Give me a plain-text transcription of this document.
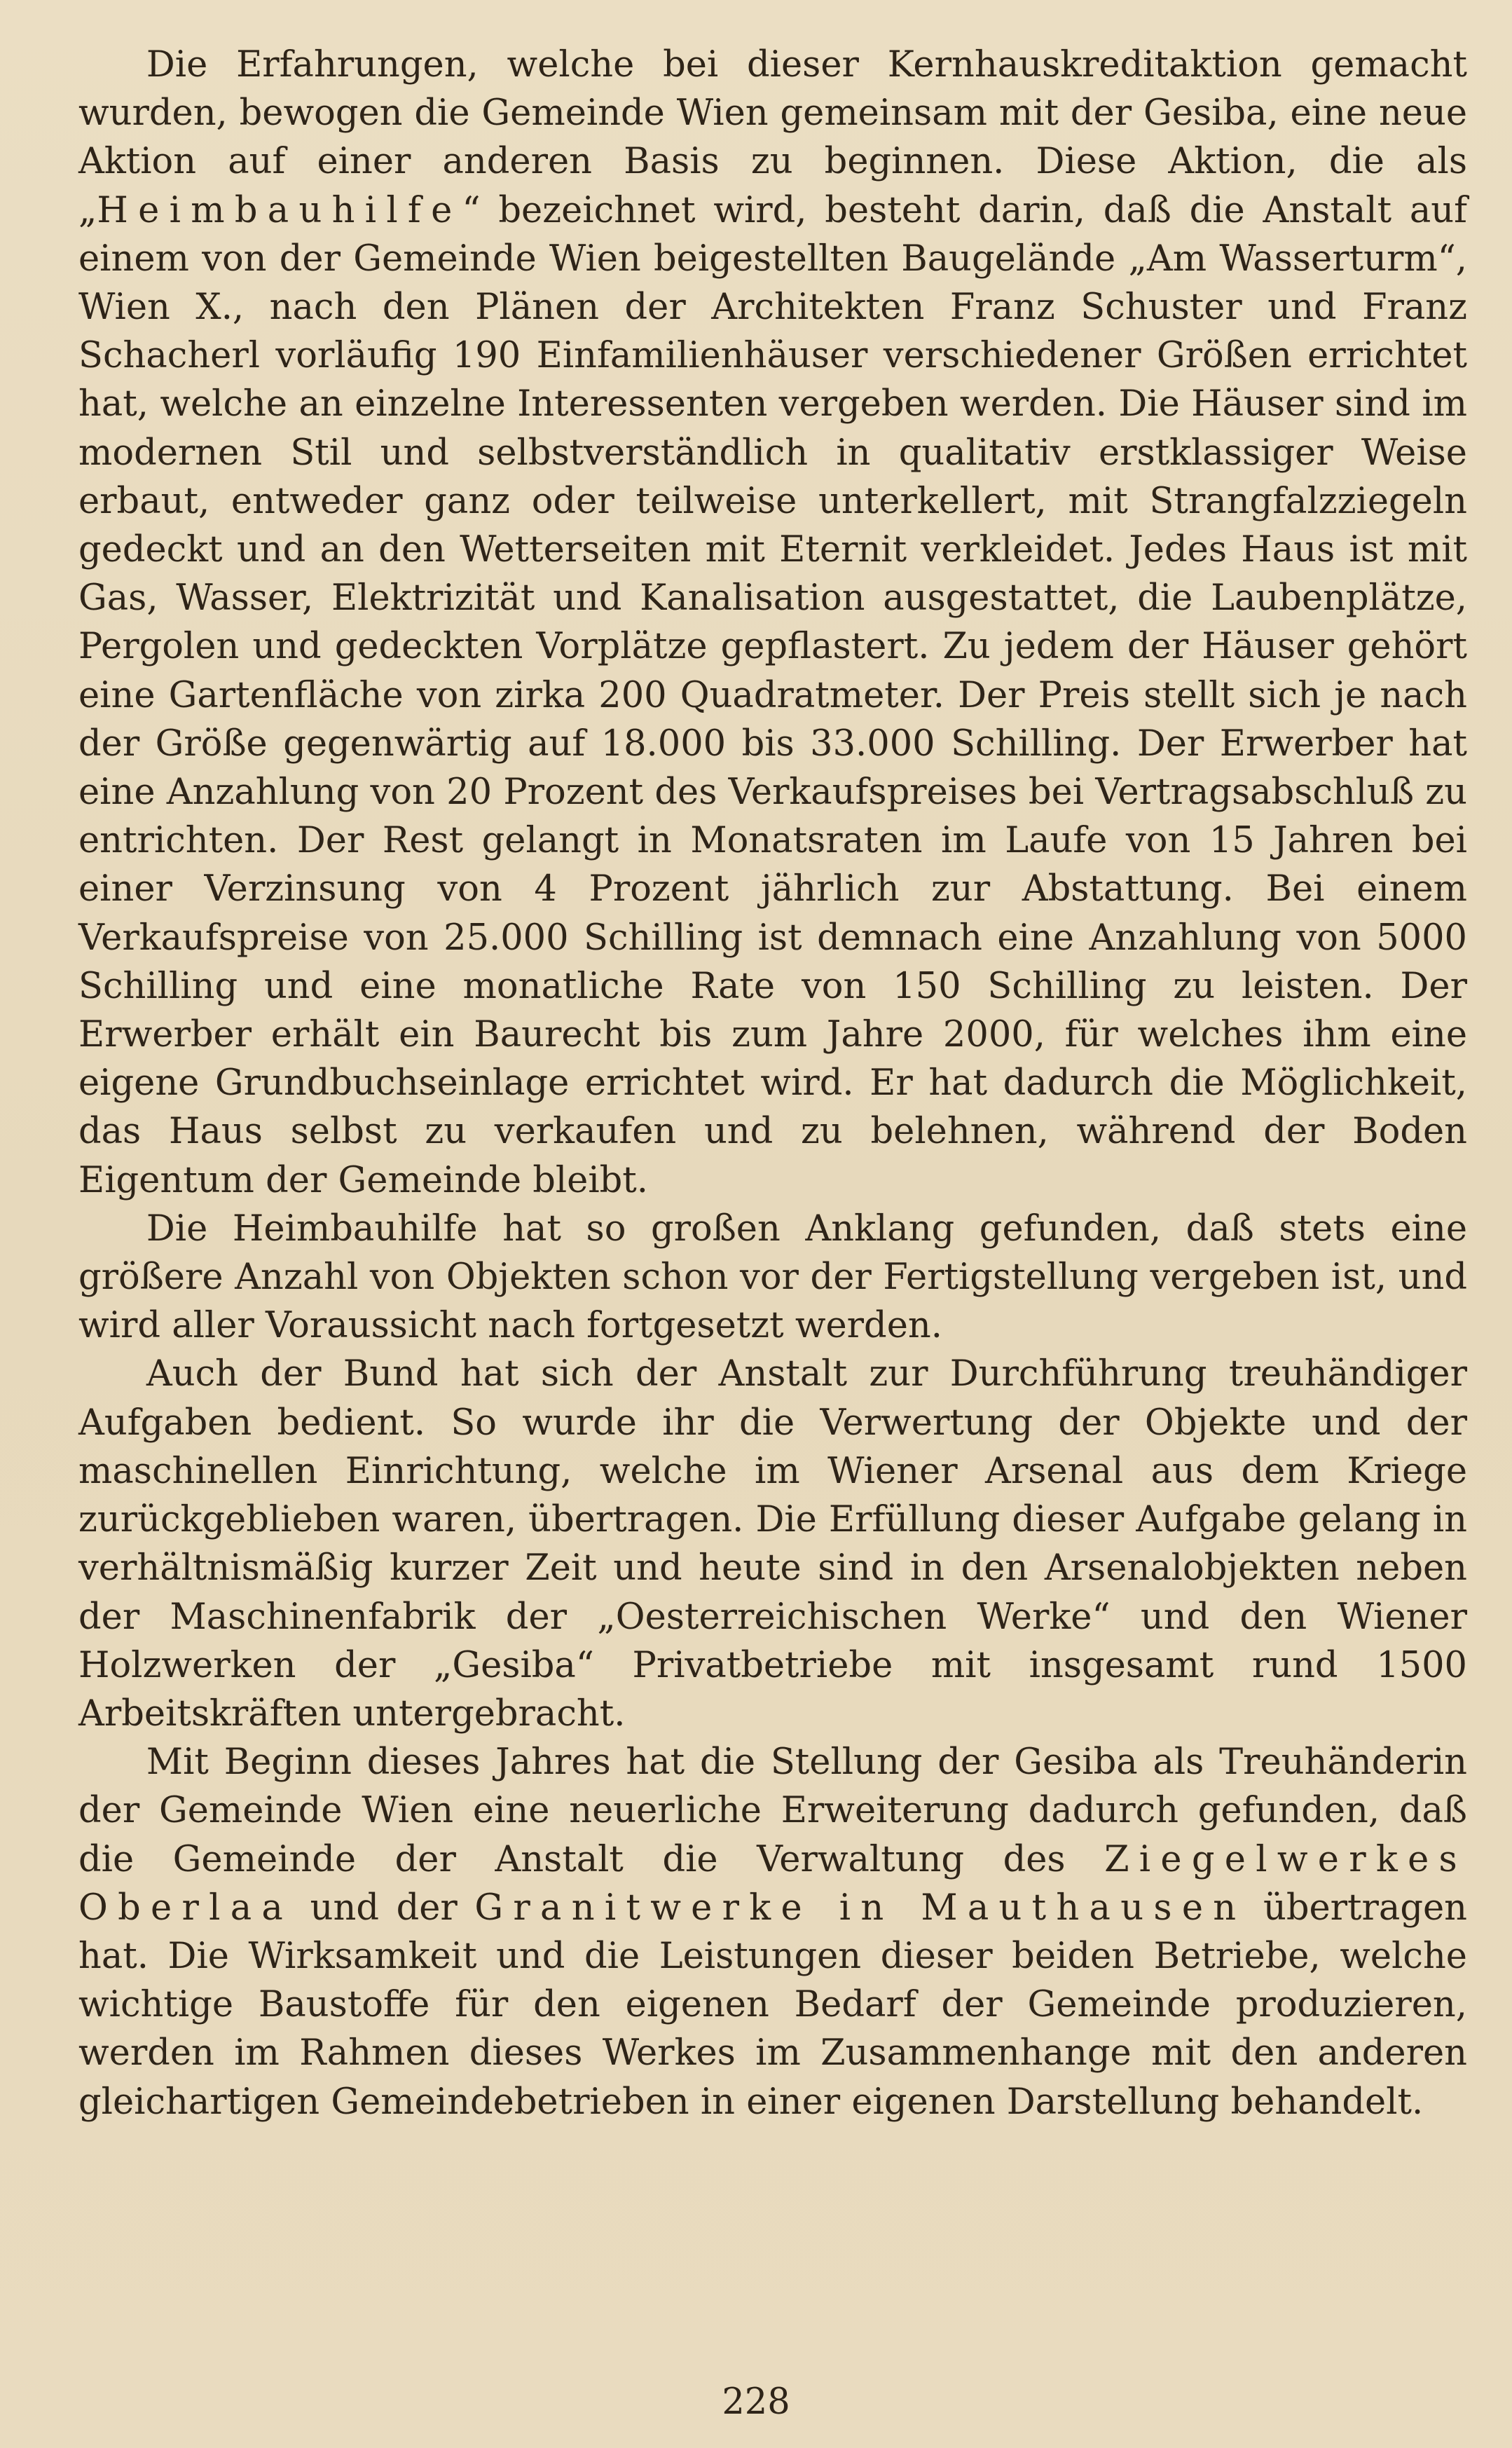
Die Erfahrungen, welche bei dieser Kernhauskreditaktion gemacht wurden, bewogen die Gemeinde Wien gemeinsam mit der Gesiba, eine neue Aktion auf einer anderen Basis zu beginnen. Diese Aktion, die als „Heimbauhilfe“ bezeichnet wird, besteht darin, daß die Anstalt auf einem von der Gemeinde Wien beigestellten Baugelände „Am Wasserturm“, Wien X., nach den Plänen der Architekten Franz Schuster und Franz Schacherl vorläufig 190 Einfamilienhäuser verschiedener Größen errichtet hat, welche an einzelne Interessenten vergeben werden. Die Häuser sind im modernen Stil und selbstverständlich in qualitativ erstklassiger Weise erbaut, entweder ganz oder teilweise unterkellert, mit Strangfalzziegeln gedeckt und an den Wetterseiten mit Eternit verkleidet. Jedes Haus ist mit Gas, Wasser, Elektrizität und Kanalisation ausgestattet, die Laubenplätze, Pergolen und gedeckten Vorplätze gepflastert. Zu jedem der Häuser gehört eine Gartenfläche von zirka 200 Quadratmeter. Der Preis stellt sich je nach der Größe gegenwärtig auf 18.000 bis 33.000 Schilling. Der Erwerber hat eine Anzahlung von 20 Prozent des Verkaufspreises bei Vertragsabschluß zu entrichten. Der Rest gelangt in Monatsraten im Laufe von 15 Jahren bei einer Verzinsung von 4 Prozent jährlich zur Abstattung. Bei einem Verkaufspreise von 25.000 Schilling ist demnach eine Anzahlung von 5000 Schilling und eine monatliche Rate von 150 Schilling zu leisten. Der Erwerber erhält ein Baurecht bis zum Jahre 2000, für welches ihm eine eigene Grundbuchseinlage errichtet wird. Er hat dadurch die Möglichkeit, das Haus selbst zu verkaufen und zu belehnen, während der Boden Eigentum der Gemeinde bleibt.

Die Heimbauhilfe hat so großen Anklang gefunden, daß stets eine größere Anzahl von Objekten schon vor der Fertigstellung vergeben ist, und wird aller Voraussicht nach fortgesetzt werden.

Auch der Bund hat sich der Anstalt zur Durchführung treuhändiger Aufgaben bedient. So wurde ihr die Verwertung der Objekte und der maschinellen Einrichtung, welche im Wiener Arsenal aus dem Kriege zurückgeblieben waren, übertragen. Die Erfüllung dieser Aufgabe gelang in verhältnismäßig kurzer Zeit und heute sind in den Arsenalobjekten neben der Maschinenfabrik der „Oesterreichischen Werke“ und den Wiener Holzwerken der „Gesiba“ Privatbetriebe mit insgesamt rund 1500 Arbeitskräften untergebracht.

Mit Beginn dieses Jahres hat die Stellung der Gesiba als Treuhänderin der Gemeinde Wien eine neuerliche Erweiterung dadurch gefunden, daß die Gemeinde der Anstalt die Verwaltung des Ziegelwerkes Oberlaa und der Granitwerke in Mauthausen übertragen hat. Die Wirksamkeit und die Leistungen dieser beiden Betriebe, welche wichtige Baustoffe für den eigenen Bedarf der Gemeinde produzieren, werden im Rahmen dieses Werkes im Zusammenhange mit den anderen gleichartigen Gemeindebetrieben in einer eigenen Darstellung behandelt.

228
